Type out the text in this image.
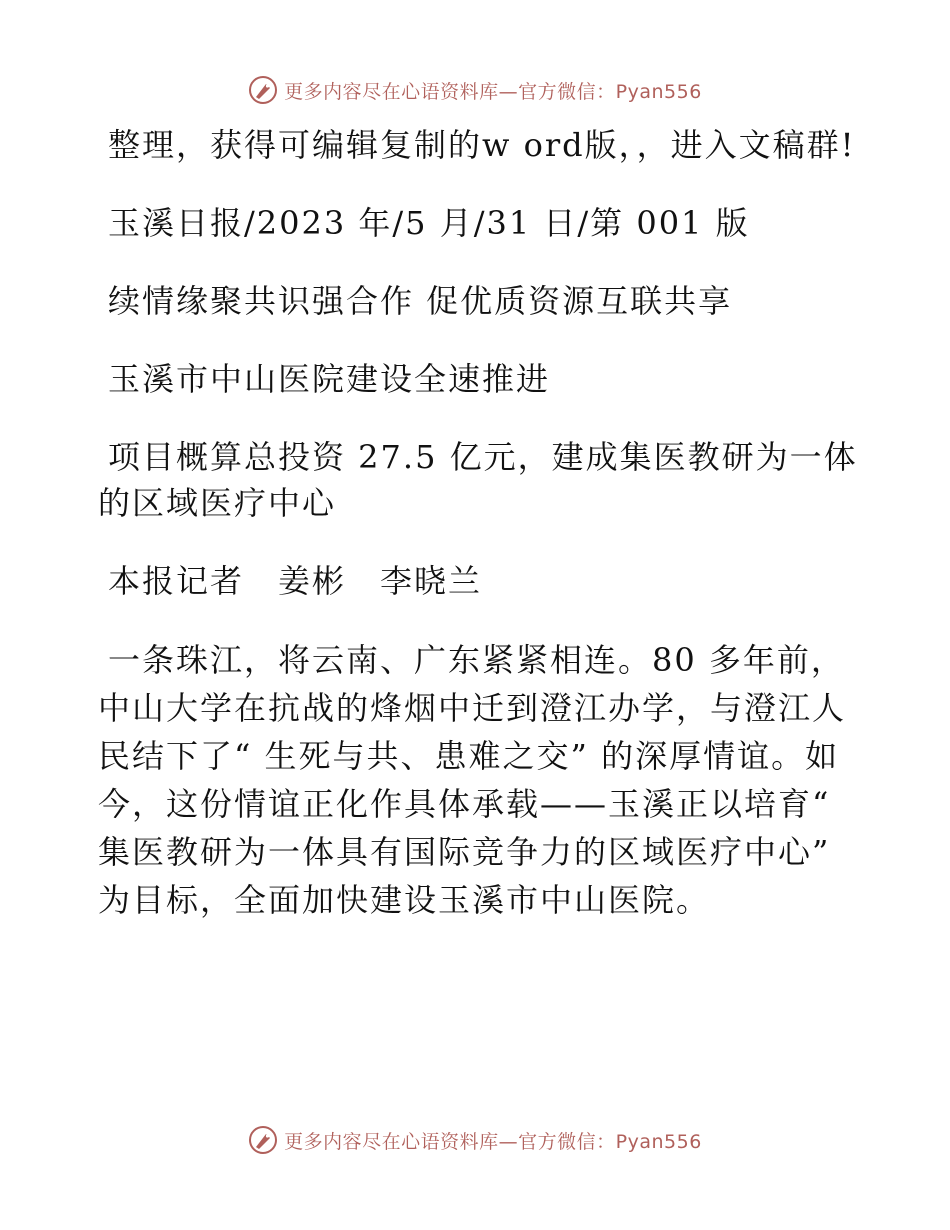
更多内容尽在心语资料库—官方微信：Pyan556

整理，获得可编辑复制的w ord版，，进入文稿群!

玉溪日报/2023 年/5 月/31 日/第 001 版

续情缘聚共识强合作 促优质资源互联共享

玉溪市中山医院建设全速推进

项目概算总投资 27.5 亿元，建成集医教研为一体的区域医疗中心

本报记者　姜彬　李晓兰

一条珠江，将云南、广东紧紧相连。80 多年前，中山大学在抗战的烽烟中迁到澄江办学，与澄江人民结下了“ 生死与共、患难之交” 的深厚情谊。如今，这份情谊正化作具体承载——玉溪正以培育“ 集医教研为一体具有国际竞争力的区域医疗中心” 为目标，全面加快建设玉溪市中山医院。

更多内容尽在心语资料库—官方微信：Pyan556
